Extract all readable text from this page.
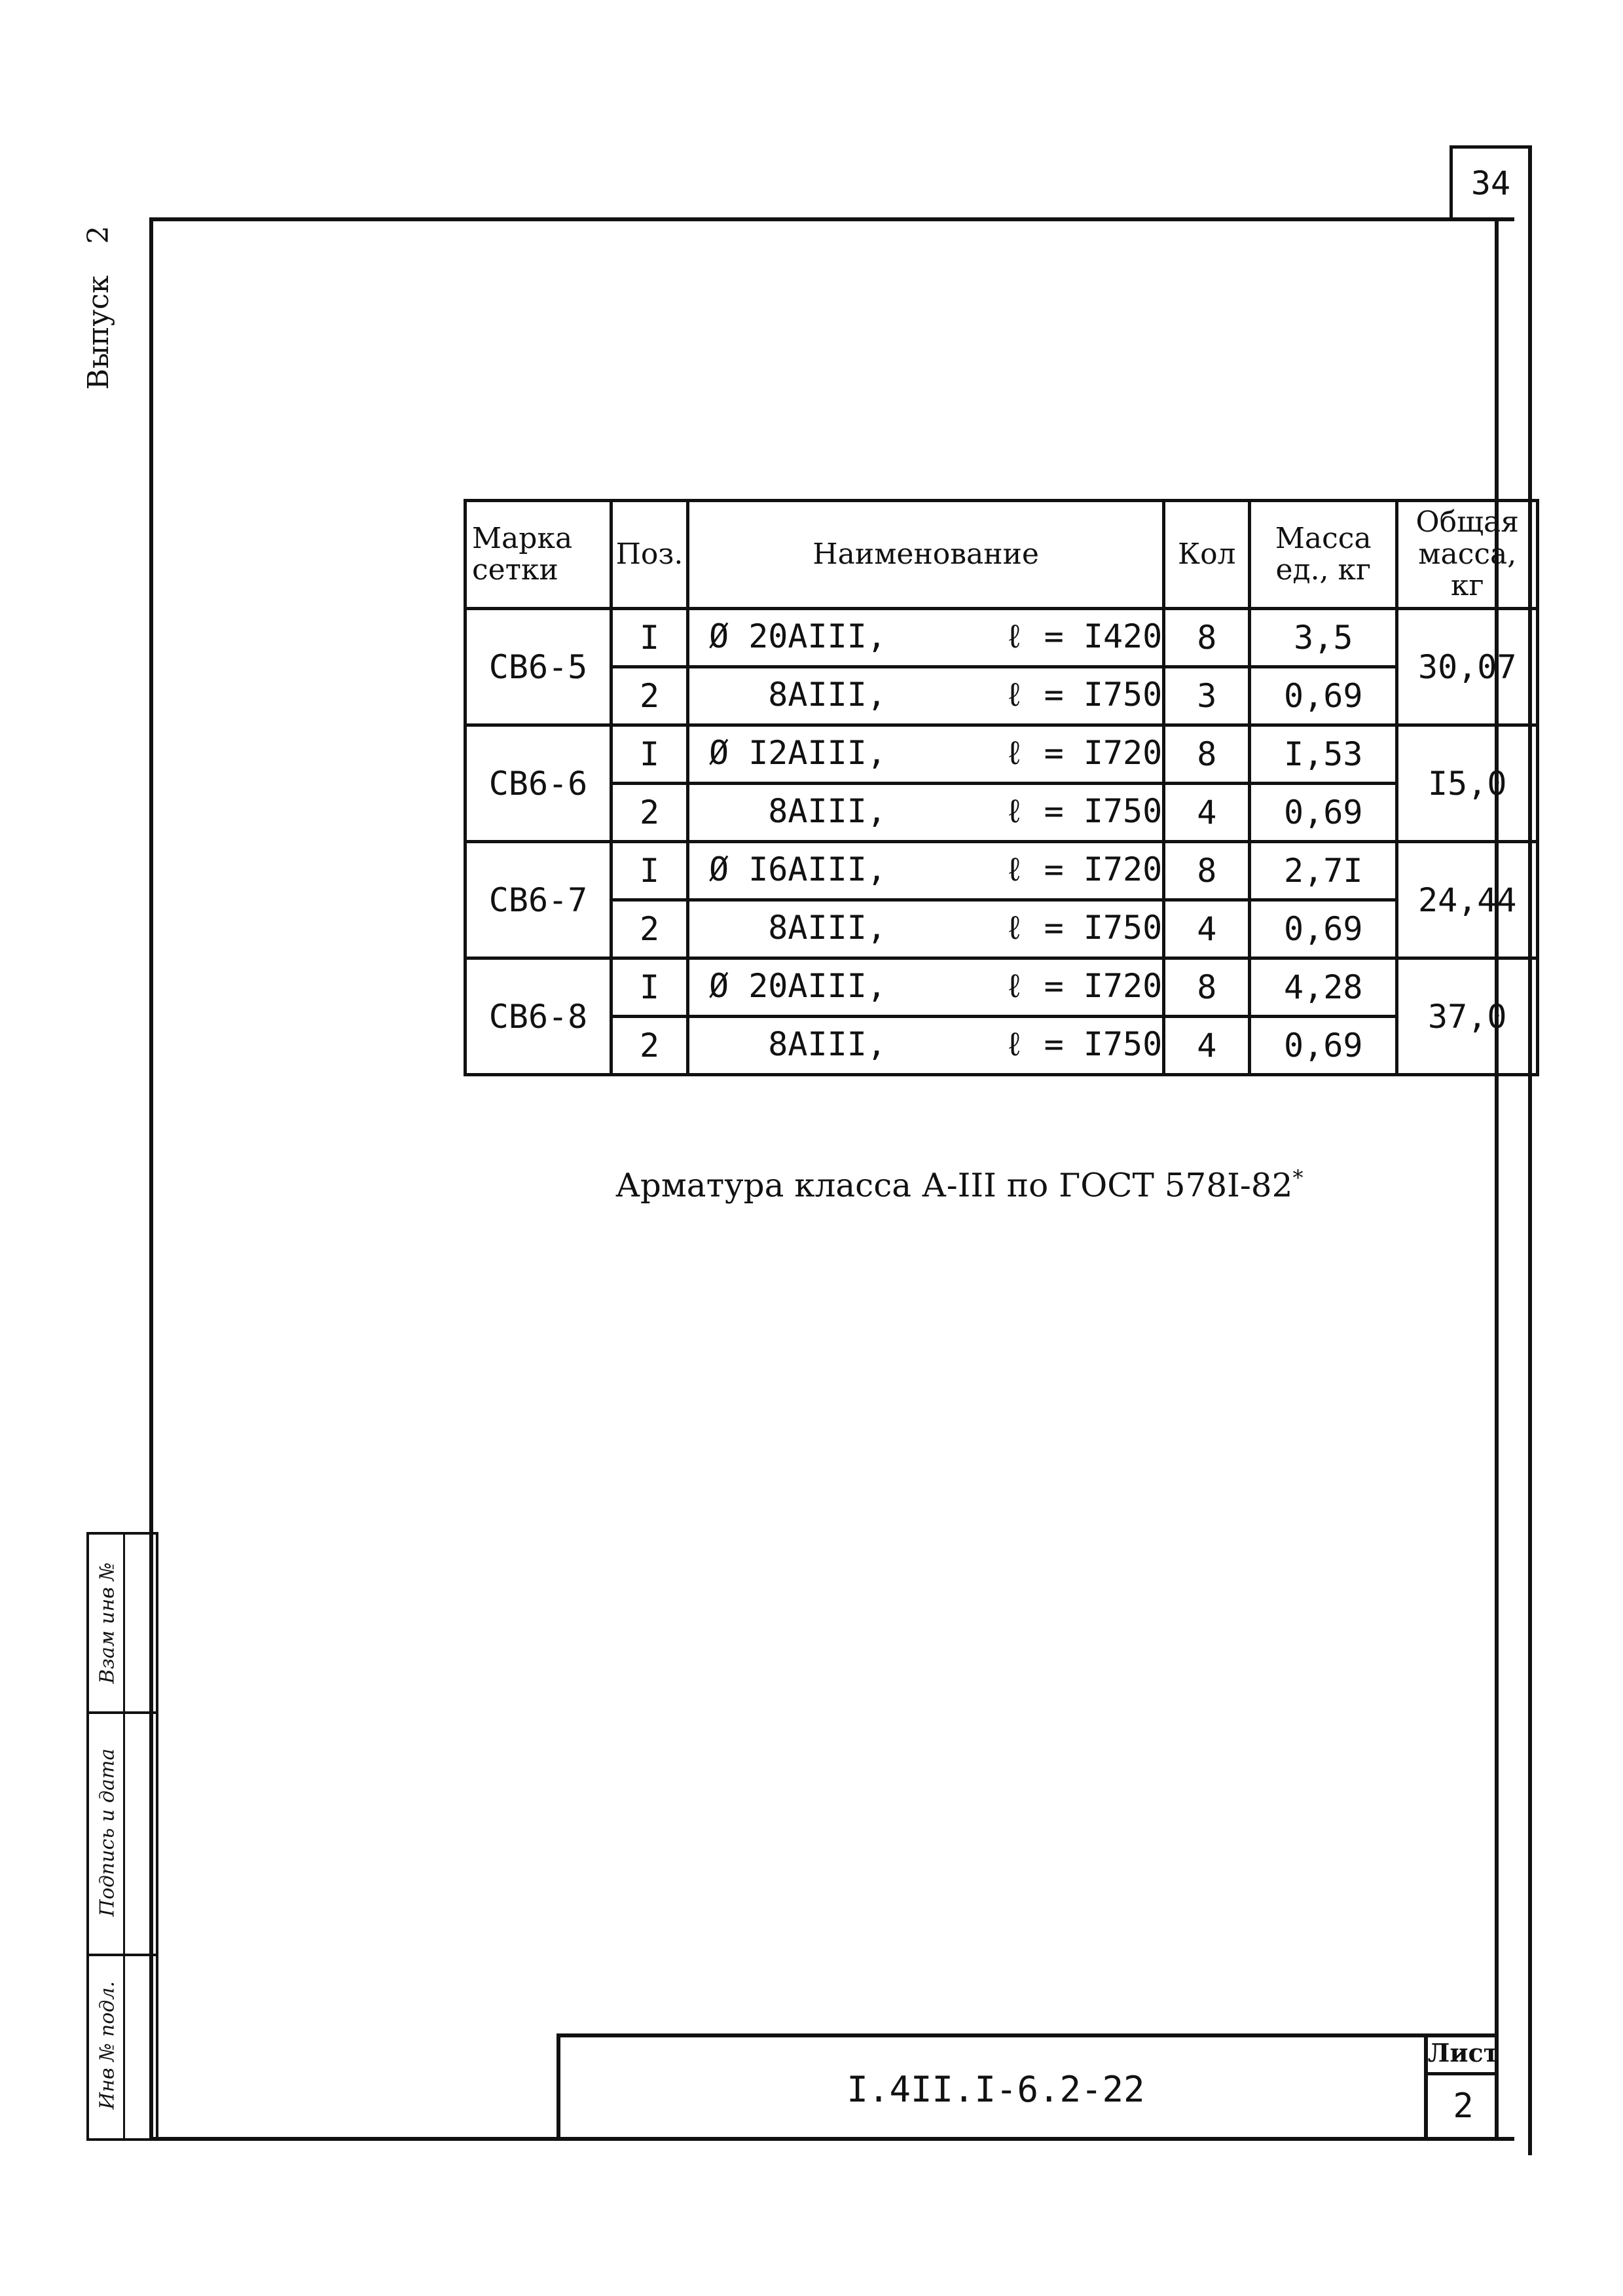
34
Выпуск
2
Взам инв №
Подпись и дата
Инв № подл.
Марка сетки	Поз.	Наименование	Кол	Масса ед., кг	Общая масса, кг
СВ6-5	I	Ø 20АIII,      ℓ = I420	8	3,5	30,07
	2	8АIII,      ℓ = I750	3	0,69	
СВ6-6	I	Ø I2АIII,      ℓ = I720	8	I,53	I5,0
	2	8АIII,      ℓ = I750	4	0,69	
СВ6-7	I	Ø I6АIII,      ℓ = I720	8	2,7I	24,44
	2	8АIII,      ℓ = I750	4	0,69	
СВ6-8	I	Ø 20АIII,      ℓ = I720	8	4,28	37,0
	2	8АIII,      ℓ = I750	4	0,69	
Арматура класса А-III по ГОСТ 578I-82*
I.4II.I-6.2-22
Лист
2
